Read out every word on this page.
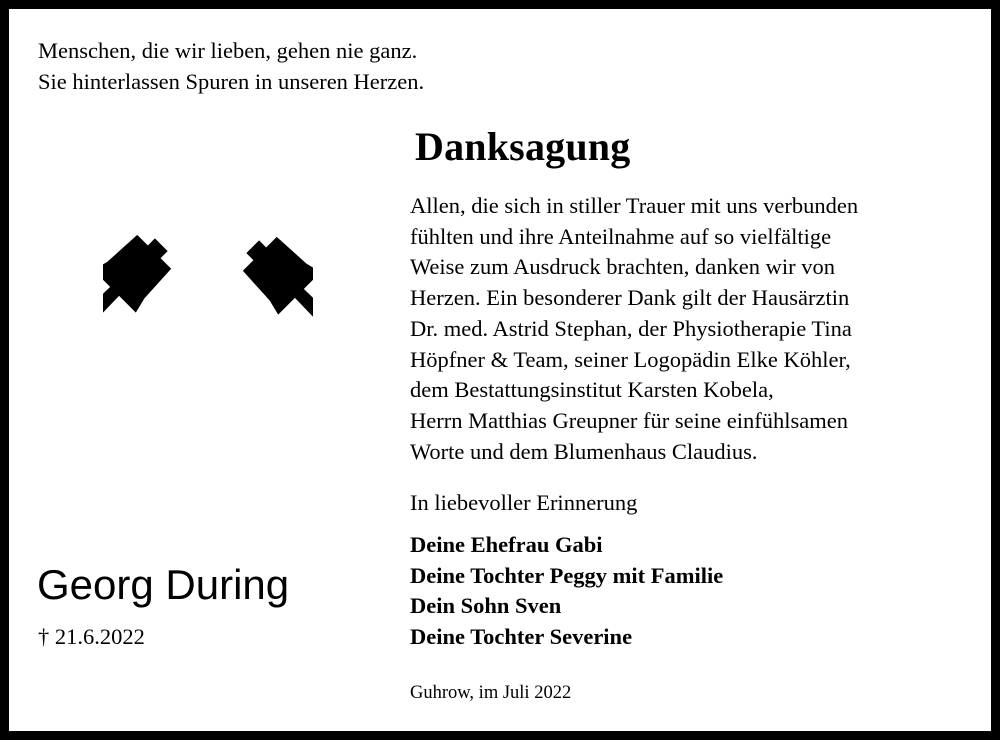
Menschen, die wir lieben, gehen nie ganz.
Sie hinterlassen Spuren in unseren Herzen.
Georg During
† 21.6.2022
Danksagung
Allen, die sich in stiller Trauer mit uns verbunden
fühlten und ihre Anteilnahme auf so vielfältige
Weise zum Ausdruck brachten, danken wir von
Herzen. Ein besonderer Dank gilt der Hausärztin
Dr. med. Astrid Stephan, der Physiotherapie Tina
Höpfner & Team, seiner Logopädin Elke Köhler,
dem Bestattungsinstitut Karsten Kobela,
Herrn Matthias Greupner für seine einfühlsamen
Worte und dem Blumenhaus Claudius.
In liebevoller Erinnerung
Deine Ehefrau Gabi
Deine Tochter Peggy mit Familie
Dein Sohn Sven
Deine Tochter Severine
Guhrow, im Juli 2022
